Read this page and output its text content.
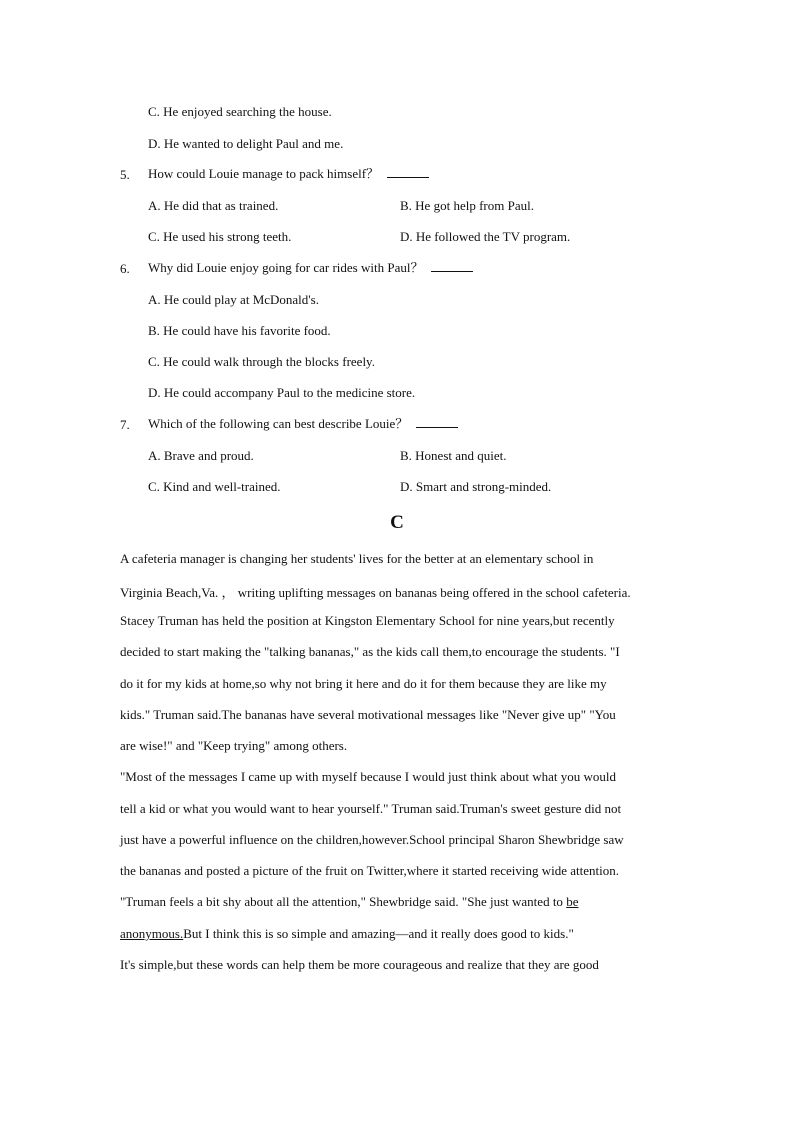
C. He enjoyed searching the house.
D. He wanted to delight Paul and me.
5. How could Louie manage to pack himself？
A. He did that as trained.	B. He got help from Paul.
C. He used his strong teeth.	D. He followed the TV program.
6. Why did Louie enjoy going for car rides with Paul？
A. He could play at McDonald's.
B. He could have his favorite food.
C. He could walk through the blocks freely.
D. He could accompany Paul to the medicine store.
7. Which of the following can best describe Louie？
A. Brave and proud.	B. Honest and quiet.
C. Kind and well-trained.	D. Smart and strong-minded.
C
A cafeteria manager is changing her students' lives for the better at an elementary school in
Virginia Beach,Va. ， writing uplifting messages on bananas being offered in the school cafeteria.
Stacey Truman has held the position at Kingston Elementary School for nine years,but recently
decided to start making the "talking bananas," as the kids call them,to encourage the students. "I
do it for my kids at home,so why not bring it here and do it for them because they are like my
kids." Truman said.The bananas have several motivational messages like "Never give up" "You
are wise!" and "Keep trying" among others.
"Most of the messages I came up with myself because I would just think about what you would
tell a kid or what you would want to hear yourself." Truman said.Truman's sweet gesture did not
just have a powerful influence on the children,however.School principal Sharon Shewbridge saw
the bananas and posted a picture of the fruit on Twitter,where it started receiving wide attention.
"Truman feels a bit shy about all the attention," Shewbridge said. "She just wanted to be
anonymous.But I think this is so simple and amazing—and it really does good to kids."
It's simple,but these words can help them be more courageous and realize that they are good
